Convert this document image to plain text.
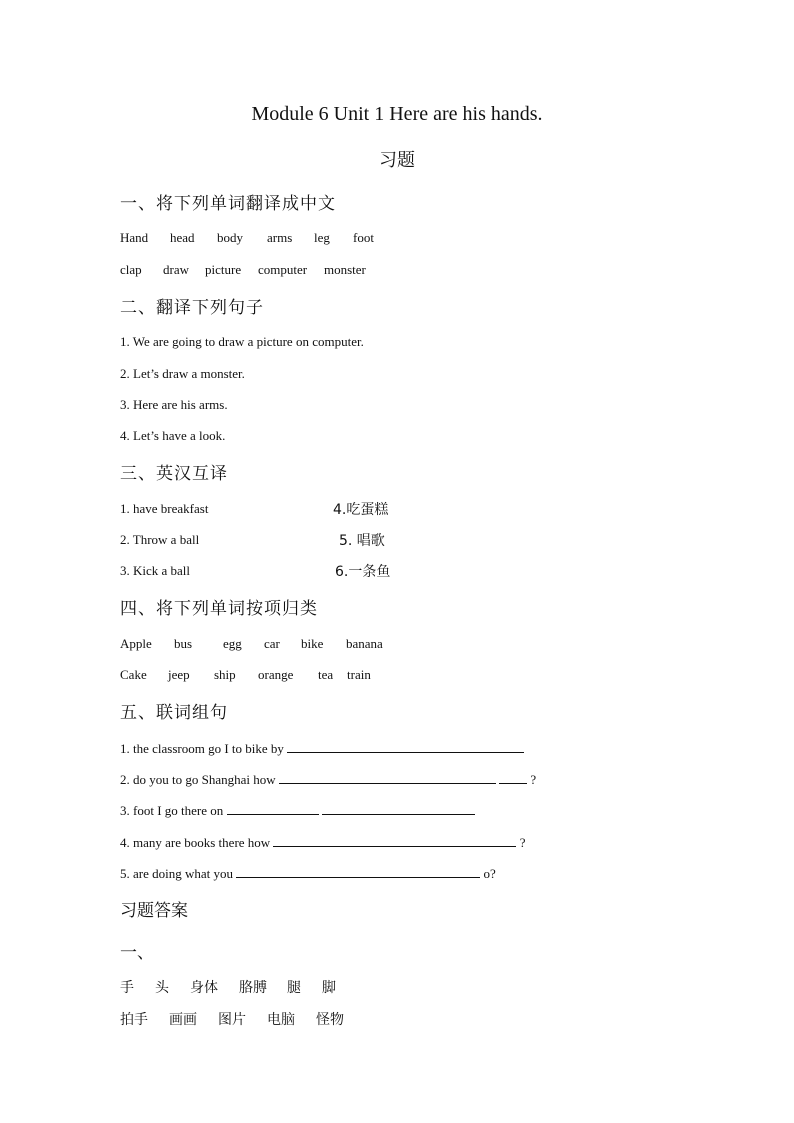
Module 6 Unit 1 Here are his hands.
习题
一、将下列单词翻译成中文
Hand head body arms leg foot
clap draw picture computer monster
二、翻译下列句子
1. We are going to draw a picture on computer.
2. Let’s draw a monster.
3. Here are his arms.
4. Let’s have a look.
三、英汉互译
1. have breakfast	4.吃蛋糕
2. Throw a ball	5. 唱歌
3. Kick a ball	6.一条鱼
四、将下列单词按项归类
Apple bus egg car bike banana
Cake jeep ship orange tea train
五、联词组句
1. the classroom go I to bike by
2. do you to go Shanghai how	?
3. foot I go there on
4. many are books there how	?
5. are doing what you	o?
习题答案
一、
手 头 身体 胳膊 腿 脚
拍手 画画 图片 电脑 怪物
